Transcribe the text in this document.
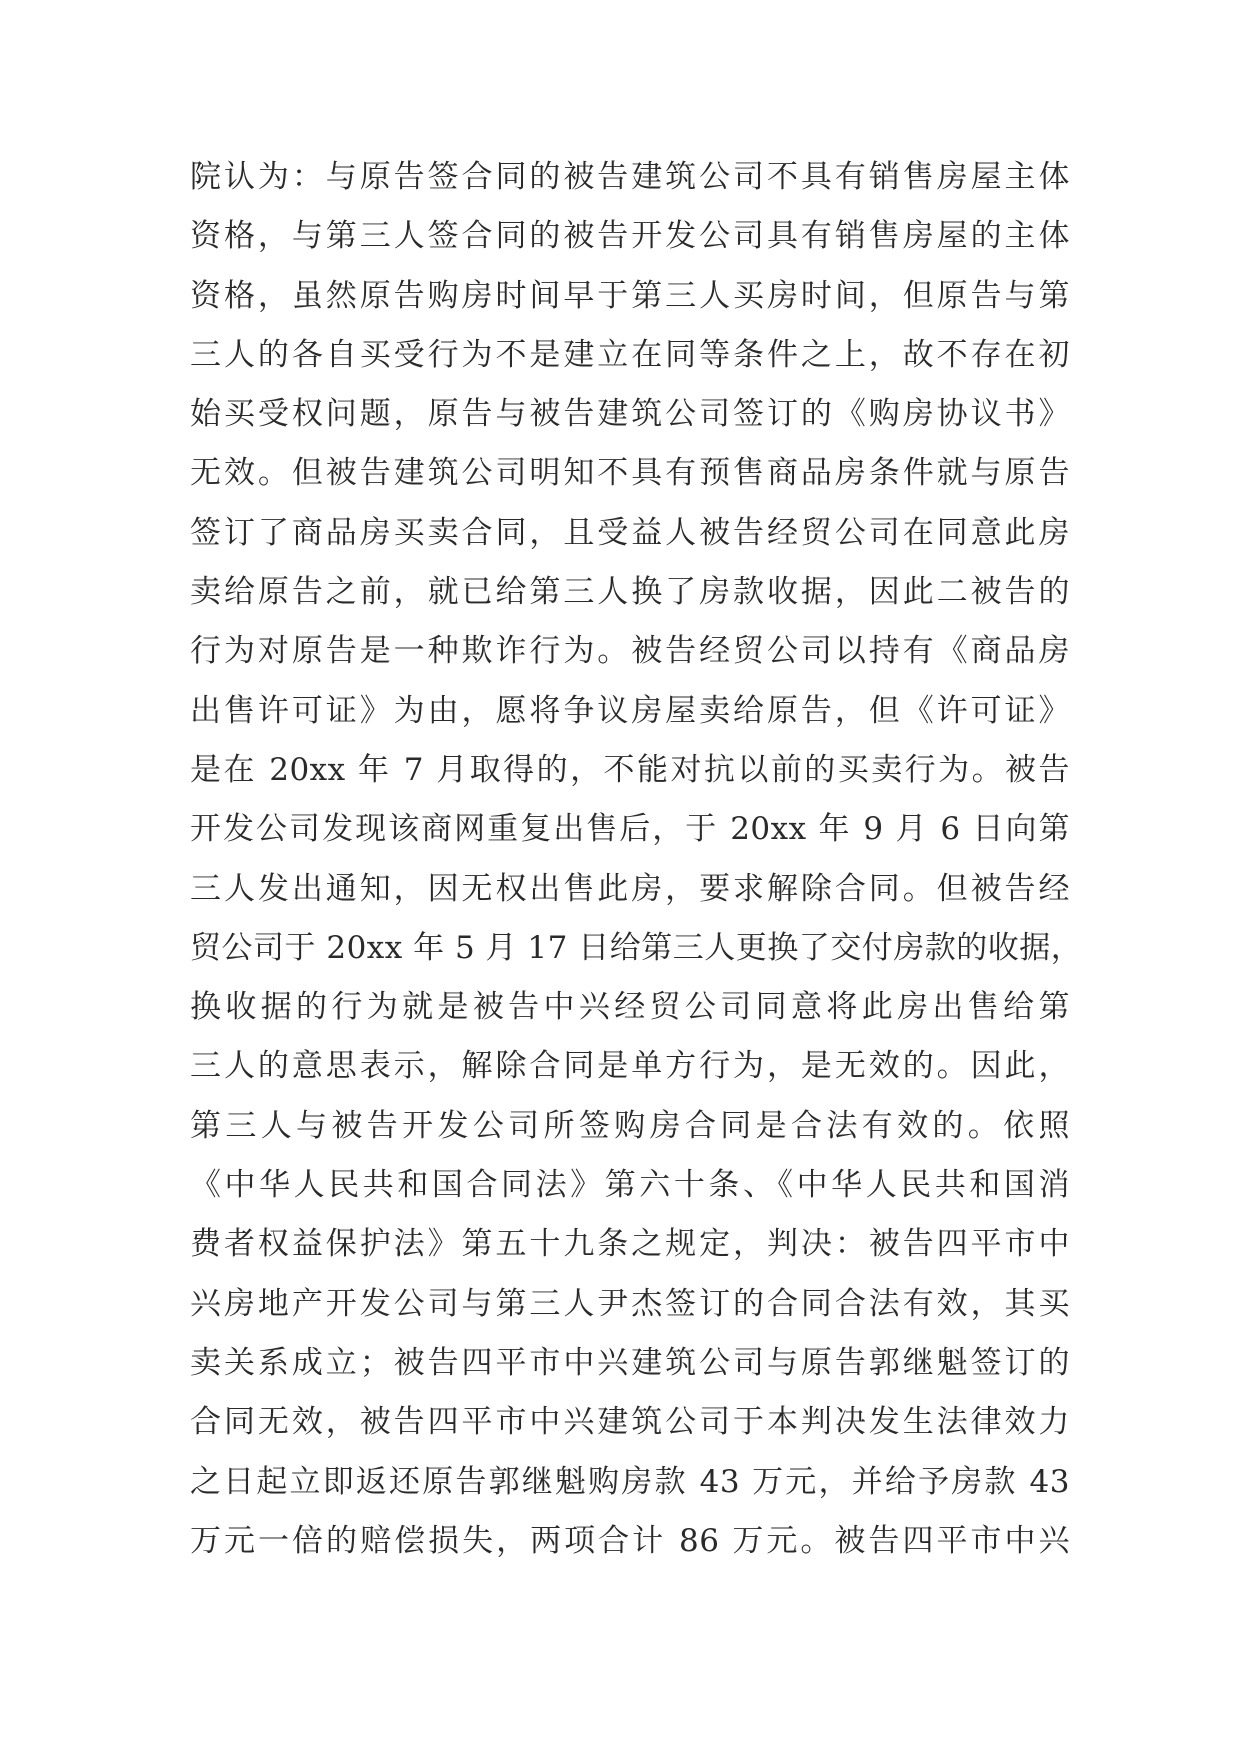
院认为：与原告签合同的被告建筑公司不具有销售房屋主体
资格，与第三人签合同的被告开发公司具有销售房屋的主体
资格，虽然原告购房时间早于第三人买房时间，但原告与第
三人的各自买受行为不是建立在同等条件之上，故不存在初
始买受权问题，原告与被告建筑公司签订的《购房协议书》
无效。但被告建筑公司明知不具有预售商品房条件就与原告
签订了商品房买卖合同，且受益人被告经贸公司在同意此房
卖给原告之前，就已给第三人换了房款收据，因此二被告的
行为对原告是一种欺诈行为。被告经贸公司以持有《商品房
出售许可证》为由，愿将争议房屋卖给原告，但《许可证》
是在 20xx 年 7 月取得的，不能对抗以前的买卖行为。被告
开发公司发现该商网重复出售后，于 20xx 年 9 月 6 日向第
三人发出通知，因无权出售此房，要求解除合同。但被告经
贸公司于 20xx 年 5 月 17 日给第三人更换了交付房款的收据，
换收据的行为就是被告中兴经贸公司同意将此房出售给第
三人的意思表示，解除合同是单方行为，是无效的。因此，
第三人与被告开发公司所签购房合同是合法有效的。依照
《中华人民共和国合同法》第六十条、《中华人民共和国消
费者权益保护法》第五十九条之规定，判决：被告四平市中
兴房地产开发公司与第三人尹杰签订的合同合法有效，其买
卖关系成立；被告四平市中兴建筑公司与原告郭继魁签订的
合同无效，被告四平市中兴建筑公司于本判决发生法律效力
之日起立即返还原告郭继魁购房款 43 万元，并给予房款 43
万元一倍的赔偿损失，两项合计 86 万元。被告四平市中兴
